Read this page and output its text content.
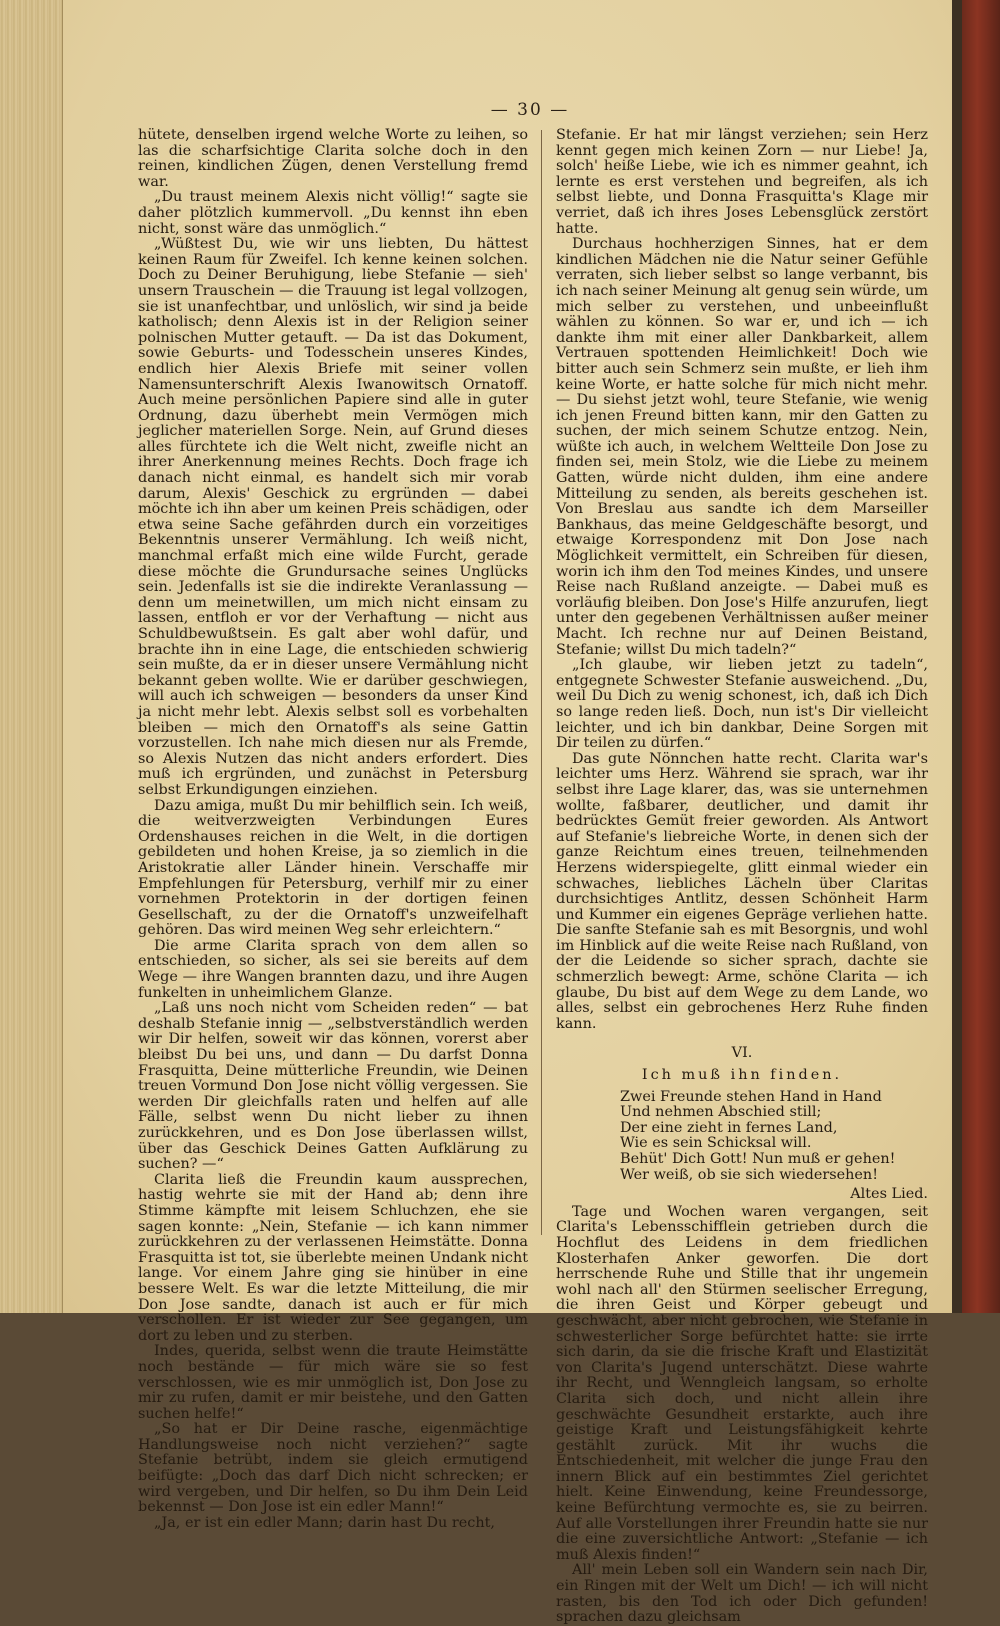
— 30 —

hütete, denselben irgend welche Worte zu leihen, so las die scharfsichtige Clarita solche doch in den reinen, kindlichen Zügen, denen Verstellung fremd war.

„Du traust meinem Alexis nicht völlig!“ sagte sie daher plötzlich kummervoll. „Du kennst ihn eben nicht, sonst wäre das unmöglich.“

„Wüßtest Du, wie wir uns liebten, Du hättest keinen Raum für Zweifel. Ich kenne keinen solchen. Doch zu Deiner Beruhigung, liebe Stefanie — sieh' unsern Trauschein — die Trauung ist legal vollzogen, sie ist unanfechtbar, und unlöslich, wir sind ja beide katholisch; denn Alexis ist in der Religion seiner polnischen Mutter getauft. — Da ist das Dokument, sowie Geburts- und Todesschein unseres Kindes, endlich hier Alexis Briefe mit seiner vollen Namensunterschrift Alexis Iwanowitsch Ornatoff. Auch meine persönlichen Papiere sind alle in guter Ordnung, dazu überhebt mein Vermögen mich jeglicher materiellen Sorge. Nein, auf Grund dieses alles fürchtete ich die Welt nicht, zweifle nicht an ihrer Anerkennung meines Rechts. Doch frage ich danach nicht einmal, es handelt sich mir vorab darum, Alexis' Geschick zu ergründen — dabei möchte ich ihn aber um keinen Preis schädigen, oder etwa seine Sache gefährden durch ein vorzeitiges Bekenntnis unserer Vermählung. Ich weiß nicht, manchmal erfaßt mich eine wilde Furcht, gerade diese möchte die Grundursache seines Unglücks sein. Jedenfalls ist sie die indirekte Veranlassung — denn um meinetwillen, um mich nicht einsam zu lassen, entfloh er vor der Verhaftung — nicht aus Schuldbewußtsein. Es galt aber wohl dafür, und brachte ihn in eine Lage, die entschieden schwierig sein mußte, da er in dieser unsere Vermählung nicht bekannt geben wollte. Wie er darüber geschwiegen, will auch ich schweigen — besonders da unser Kind ja nicht mehr lebt. Alexis selbst soll es vorbehalten bleiben — mich den Ornatoff's als seine Gattin vorzustellen. Ich nahe mich diesen nur als Fremde, so Alexis Nutzen das nicht anders erfordert. Dies muß ich ergründen, und zunächst in Petersburg selbst Erkundigungen einziehen.

Dazu amiga, mußt Du mir behilflich sein. Ich weiß, die weitverzweigten Verbindungen Eures Ordenshauses reichen in die Welt, in die dortigen gebildeten und hohen Kreise, ja so ziemlich in die Aristokratie aller Länder hinein. Verschaffe mir Empfehlungen für Petersburg, verhilf mir zu einer vornehmen Protektorin in der dortigen feinen Gesellschaft, zu der die Ornatoff's unzweifelhaft gehören. Das wird meinen Weg sehr erleichtern.“

Die arme Clarita sprach von dem allen so entschieden, so sicher, als sei sie bereits auf dem Wege — ihre Wangen brannten dazu, und ihre Augen funkelten in unheimlichem Glanze.

„Laß uns noch nicht vom Scheiden reden“ — bat deshalb Stefanie innig — „selbstverständlich werden wir Dir helfen, soweit wir das können, vorerst aber bleibst Du bei uns, und dann — Du darfst Donna Frasquitta, Deine mütterliche Freundin, wie Deinen treuen Vormund Don Jose nicht völlig vergessen. Sie werden Dir gleichfalls raten und helfen auf alle Fälle, selbst wenn Du nicht lieber zu ihnen zurückkehren, und es Don Jose überlassen willst, über das Geschick Deines Gatten Aufklärung zu suchen? —“

Clarita ließ die Freundin kaum aussprechen, hastig wehrte sie mit der Hand ab; denn ihre Stimme kämpfte mit leisem Schluchzen, ehe sie sagen konnte: „Nein, Stefanie — ich kann nimmer zurückkehren zu der verlassenen Heimstätte. Donna Frasquitta ist tot, sie überlebte meinen Undank nicht lange. Vor einem Jahre ging sie hinüber in eine bessere Welt. Es war die letzte Mitteilung, die mir Don Jose sandte, danach ist auch er für mich verschollen. Er ist wieder zur See gegangen, um dort zu leben und zu sterben.

Indes, querida, selbst wenn die traute Heimstätte noch bestände — für mich wäre sie so fest verschlossen, wie es mir unmöglich ist, Don Jose zu mir zu rufen, damit er mir beistehe, und den Gatten suchen helfe!“

„So hat er Dir Deine rasche, eigenmächtige Handlungsweise noch nicht verziehen?“ sagte Stefanie betrübt, indem sie gleich ermutigend beifügte: „Doch das darf Dich nicht schrecken; er wird vergeben, und Dir helfen, so Du ihm Dein Leid bekennst — Don Jose ist ein edler Mann!“

„Ja, er ist ein edler Mann; darin hast Du recht,

Stefanie. Er hat mir längst verziehen; sein Herz kennt gegen mich keinen Zorn — nur Liebe! Ja, solch' heiße Liebe, wie ich es nimmer geahnt, ich lernte es erst verstehen und begreifen, als ich selbst liebte, und Donna Frasquitta's Klage mir verriet, daß ich ihres Joses Lebensglück zerstört hatte.

Durchaus hochherzigen Sinnes, hat er dem kindlichen Mädchen nie die Natur seiner Gefühle verraten, sich lieber selbst so lange verbannt, bis ich nach seiner Meinung alt genug sein würde, um mich selber zu verstehen, und unbeeinflußt wählen zu können. So war er, und ich — ich dankte ihm mit einer aller Dankbarkeit, allem Vertrauen spottenden Heimlichkeit! Doch wie bitter auch sein Schmerz sein mußte, er lieh ihm keine Worte, er hatte solche für mich nicht mehr. — Du siehst jetzt wohl, teure Stefanie, wie wenig ich jenen Freund bitten kann, mir den Gatten zu suchen, der mich seinem Schutze entzog. Nein, wüßte ich auch, in welchem Weltteile Don Jose zu finden sei, mein Stolz, wie die Liebe zu meinem Gatten, würde nicht dulden, ihm eine andere Mitteilung zu senden, als bereits geschehen ist. Von Breslau aus sandte ich dem Marseiller Bankhaus, das meine Geldgeschäfte besorgt, und etwaige Korrespondenz mit Don Jose nach Möglichkeit vermittelt, ein Schreiben für diesen, worin ich ihm den Tod meines Kindes, und unsere Reise nach Rußland anzeigte. — Dabei muß es vorläufig bleiben. Don Jose's Hilfe anzurufen, liegt unter den gegebenen Verhältnissen außer meiner Macht. Ich rechne nur auf Deinen Beistand, Stefanie; willst Du mich tadeln?“

„Ich glaube, wir lieben jetzt zu tadeln“, entgegnete Schwester Stefanie ausweichend. „Du, weil Du Dich zu wenig schonest, ich, daß ich Dich so lange reden ließ. Doch, nun ist's Dir vielleicht leichter, und ich bin dankbar, Deine Sorgen mit Dir teilen zu dürfen.“

Das gute Nönnchen hatte recht. Clarita war's leichter ums Herz. Während sie sprach, war ihr selbst ihre Lage klarer, das, was sie unternehmen wollte, faßbarer, deutlicher, und damit ihr bedrücktes Gemüt freier geworden. Als Antwort auf Stefanie's liebreiche Worte, in denen sich der ganze Reichtum eines treuen, teilnehmenden Herzens widerspiegelte, glitt einmal wieder ein schwaches, liebliches Lächeln über Claritas durchsichtiges Antlitz, dessen Schönheit Harm und Kummer ein eigenes Gepräge verliehen hatte. Die sanfte Stefanie sah es mit Besorgnis, und wohl im Hinblick auf die weite Reise nach Rußland, von der die Leidende so sicher sprach, dachte sie schmerzlich bewegt: Arme, schöne Clarita — ich glaube, Du bist auf dem Wege zu dem Lande, wo alles, selbst ein gebrochenes Herz Ruhe finden kann.

VI.
Ich muß ihn finden.
Zwei Freunde stehen Hand in Hand
Und nehmen Abschied still;
Der eine zieht in fernes Land,
Wie es sein Schicksal will.
Behüt' Dich Gott! Nun muß er gehen!
Wer weiß, ob sie sich wiedersehen!
Altes Lied.

Tage und Wochen waren vergangen, seit Clarita's Lebensschifflein getrieben durch die Hochflut des Leidens in dem friedlichen Klosterhafen Anker geworfen. Die dort herrschende Ruhe und Stille that ihr ungemein wohl nach all' den Stürmen seelischer Erregung, die ihren Geist und Körper gebeugt und geschwächt, aber nicht gebrochen, wie Stefanie in schwesterlicher Sorge befürchtet hatte: sie irrte sich darin, da sie die frische Kraft und Elastizität von Clarita's Jugend unterschätzt. Diese wahrte ihr Recht, und Wenngleich langsam, so erholte Clarita sich doch, und nicht allein ihre geschwächte Gesundheit erstarkte, auch ihre geistige Kraft und Leistungsfähigkeit kehrte gestählt zurück. Mit ihr wuchs die Entschiedenheit, mit welcher die junge Frau den innern Blick auf ein bestimmtes Ziel gerichtet hielt. Keine Einwendung, keine Freundessorge, keine Befürchtung vermochte es, sie zu beirren. Auf alle Vorstellungen ihrer Freundin hatte sie nur die eine zuversichtliche Antwort: „Stefanie — ich muß Alexis finden!“

All' mein Leben soll ein Wandern sein nach Dir, ein Ringen mit der Welt um Dich! — ich will nicht rasten, bis den Tod ich oder Dich gefunden! sprachen dazu gleichsam
